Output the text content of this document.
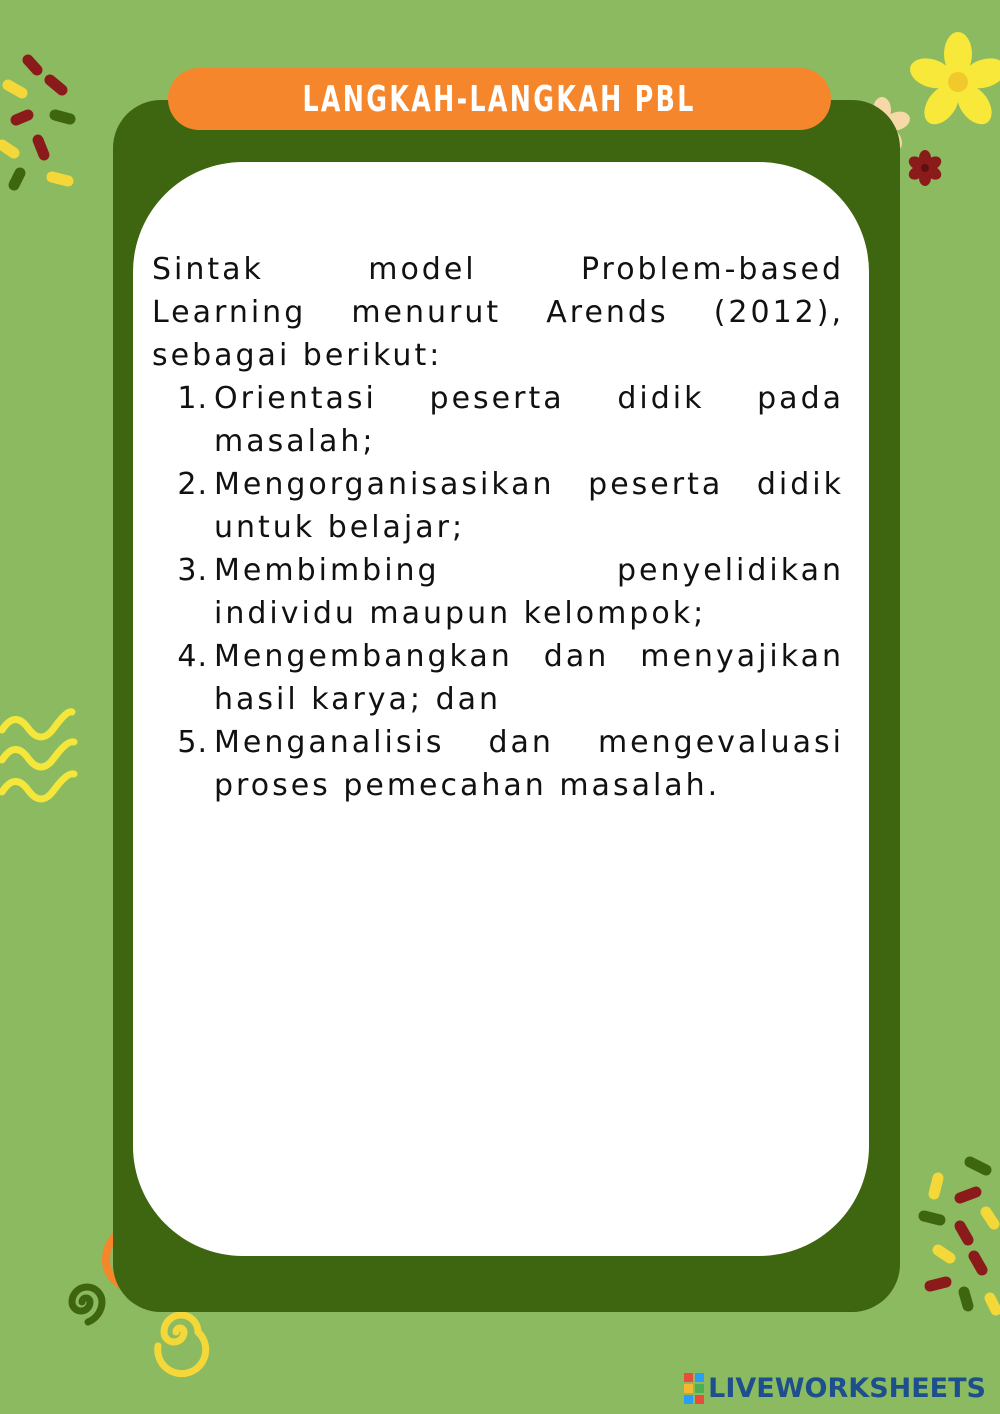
LANGKAH-LANGKAH PBL

Sintak model Problem-based
Learning menurut Arends (2012),
sebagai berikut:

1. Orientasi peserta didik pada
masalah;
2. Mengorganisasikan peserta didik
untuk belajar;
3. Membimbing penyelidikan
individu maupun kelompok;
4. Mengembangkan dan menyajikan
hasil karya; dan
5. Menganalisis dan mengevaluasi
proses pemecahan masalah.
LIVEWORKSHEETS
